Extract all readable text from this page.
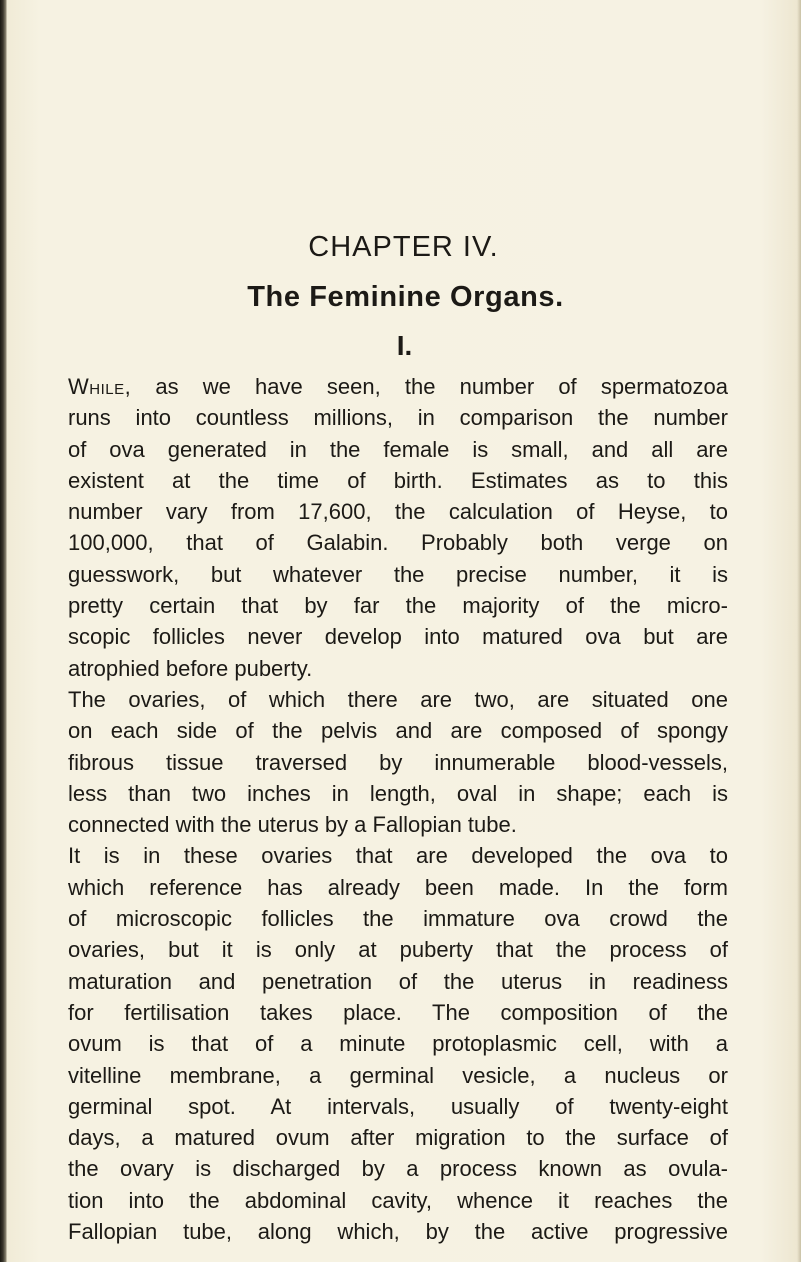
CHAPTER IV.
The Feminine Organs.
I.
While, as we have seen, the number of spermatozoa
runs into countless millions, in comparison the number
of ova generated in the female is small, and all are
existent at the time of birth. Estimates as to this
number vary from 17,600, the calculation of Heyse, to
100,000, that of Galabin. Probably both verge on
guesswork, but whatever the precise number, it is
pretty certain that by far the majority of the micro-
scopic follicles never develop into matured ova but are
atrophied before puberty.
The ovaries, of which there are two, are situated one
on each side of the pelvis and are composed of spongy
fibrous tissue traversed by innumerable blood-vessels,
less than two inches in length, oval in shape; each is
connected with the uterus by a Fallopian tube.
It is in these ovaries that are developed the ova to
which reference has already been made. In the form
of microscopic follicles the immature ova crowd the
ovaries, but it is only at puberty that the process of
maturation and penetration of the uterus in readiness
for fertilisation takes place. The composition of the
ovum is that of a minute protoplasmic cell, with a
vitelline membrane, a germinal vesicle, a nucleus or
germinal spot. At intervals, usually of twenty-eight
days, a matured ovum after migration to the surface of
the ovary is discharged by a process known as ovula-
tion into the abdominal cavity, whence it reaches the
Fallopian tube, along which, by the active progressive
